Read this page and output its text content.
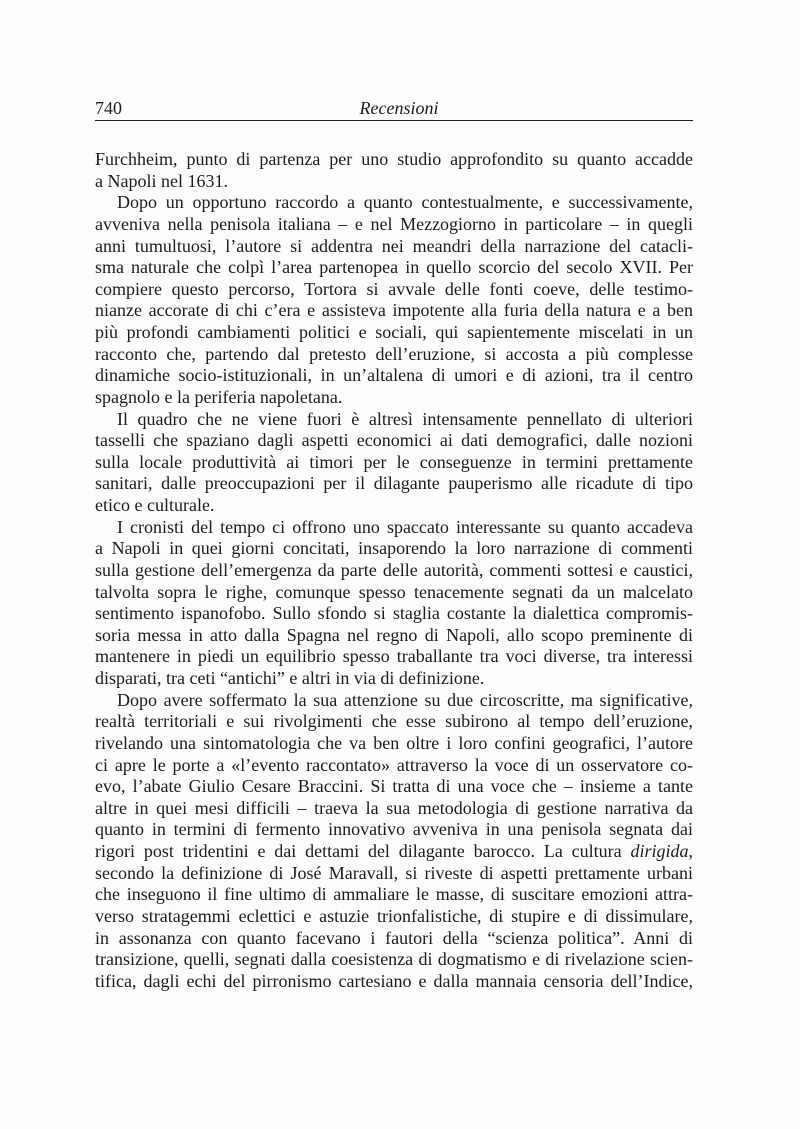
740	Recensioni
Furchheim, punto di partenza per uno studio approfondito su quanto accadde
a Napoli nel 1631.
Dopo un opportuno raccordo a quanto contestualmente, e successivamente,
avveniva nella penisola italiana – e nel Mezzogiorno in particolare – in quegli
anni tumultuosi, l’autore si addentra nei meandri della narrazione del catacli-
sma naturale che colpì l’area partenopea in quello scorcio del secolo XVII. Per
compiere questo percorso, Tortora si avvale delle fonti coeve, delle testimo-
nianze accorate di chi c’era e assisteva impotente alla furia della natura e a ben
più profondi cambiamenti politici e sociali, qui sapientemente miscelati in un
racconto che, partendo dal pretesto dell’eruzione, si accosta a più complesse
dinamiche socio-istituzionali, in un’altalena di umori e di azioni, tra il centro
spagnolo e la periferia napoletana.
Il quadro che ne viene fuori è altresì intensamente pennellato di ulteriori
tasselli che spaziano dagli aspetti economici ai dati demografici, dalle nozioni
sulla locale produttività ai timori per le conseguenze in termini prettamente
sanitari, dalle preoccupazioni per il dilagante pauperismo alle ricadute di tipo
etico e culturale.
I cronisti del tempo ci offrono uno spaccato interessante su quanto accadeva
a Napoli in quei giorni concitati, insaporendo la loro narrazione di commenti
sulla gestione dell’emergenza da parte delle autorità, commenti sottesi e caustici,
talvolta sopra le righe, comunque spesso tenacemente segnati da un malcelato
sentimento ispanofobo. Sullo sfondo si staglia costante la dialettica compromis-
soria messa in atto dalla Spagna nel regno di Napoli, allo scopo preminente di
mantenere in piedi un equilibrio spesso traballante tra voci diverse, tra interessi
disparati, tra ceti “antichi” e altri in via di definizione.
Dopo avere soffermato la sua attenzione su due circoscritte, ma significative,
realtà territoriali e sui rivolgimenti che esse subirono al tempo dell’eruzione,
rivelando una sintomatologia che va ben oltre i loro confini geografici, l’autore
ci apre le porte a «l’evento raccontato» attraverso la voce di un osservatore co-
evo, l’abate Giulio Cesare Braccini. Si tratta di una voce che – insieme a tante
altre in quei mesi difficili – traeva la sua metodologia di gestione narrativa da
quanto in termini di fermento innovativo avveniva in una penisola segnata dai
rigori post tridentini e dai dettami del dilagante barocco. La cultura dirigida,
secondo la definizione di José Maravall, si riveste di aspetti prettamente urbani
che inseguono il fine ultimo di ammaliare le masse, di suscitare emozioni attra-
verso stratagemmi eclettici e astuzie trionfalistiche, di stupire e di dissimulare,
in assonanza con quanto facevano i fautori della “scienza politica”. Anni di
transizione, quelli, segnati dalla coesistenza di dogmatismo e di rivelazione scien-
tifica, dagli echi del pirronismo cartesiano e dalla mannaia censoria dell’Indice,
